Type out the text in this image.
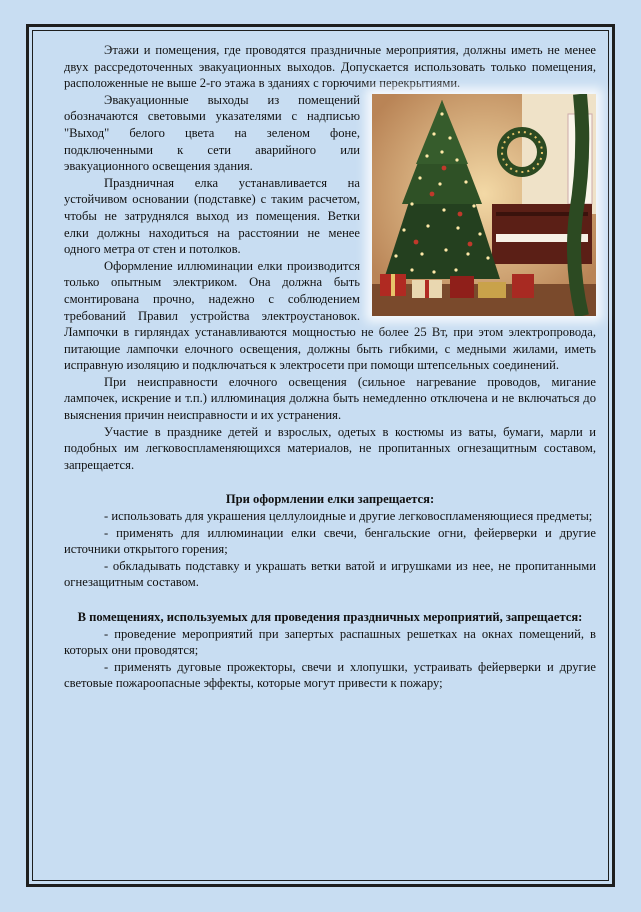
Этажи и помещения, где проводятся праздничные мероприятия, должны иметь не менее двух рассредоточенных эвакуационных выходов. Допускается использовать только помещения, расположенные не выше 2-го этажа в зданиях с горючими перекрытиями.

Эвакуационные выходы из помещений обозначаются световыми указателями с надписью "Выход" белого цвета на зеленом фоне, подключенными к сети аварийного или эвакуационного освещения здания.

Праздничная елка устанавливается на устойчивом основании (подставке) с таким расчетом, чтобы не затруднялся выход из помещения. Ветки елки должны находиться на расстоянии не менее одного метра от стен и потолков.

Оформление иллюминации елки производится только опытным электриком. Она должна быть смонтирована прочно, надежно с соблюдением требований Правил устройства электроустановок. Лампочки в гирляндах устанавливаются мощностью не более 25 Вт, при этом электропровода, питающие лампочки елочного освещения, должны быть гибкими, с медными жилами, иметь исправную изоляцию и подключаться к электросети при помощи штепсельных соединений.

При неисправности елочного освещения (сильное нагревание проводов, мигание лампочек, искрение и т.п.) иллюминация должна быть немедленно отключена и не включаться до выяснения причин неисправности и их устранения.

Участие в празднике детей и взрослых, одетых в костюмы из ваты, бумаги, марли и подобных им легковоспламеняющихся материалов, не пропитанных огнезащитным составом, запрещается.

При оформлении елки запрещается:

- использовать для украшения целлулоидные и другие легковоспламеняющиеся предметы;

- применять для иллюминации елки свечи, бенгальские огни, фейерверки и другие источники открытого горения;

- обкладывать подставку и украшать ветки ватой и игрушками из нее, не пропитанными огнезащитным составом.

В помещениях, используемых для проведения праздничных мероприятий, запрещается:

- проведение мероприятий при запертых распашных решетках на окнах помещений, в которых они проводятся;

- применять дуговые прожекторы, свечи и хлопушки, устраивать фейерверки и другие световые пожароопасные эффекты, которые могут привести к пожару;
